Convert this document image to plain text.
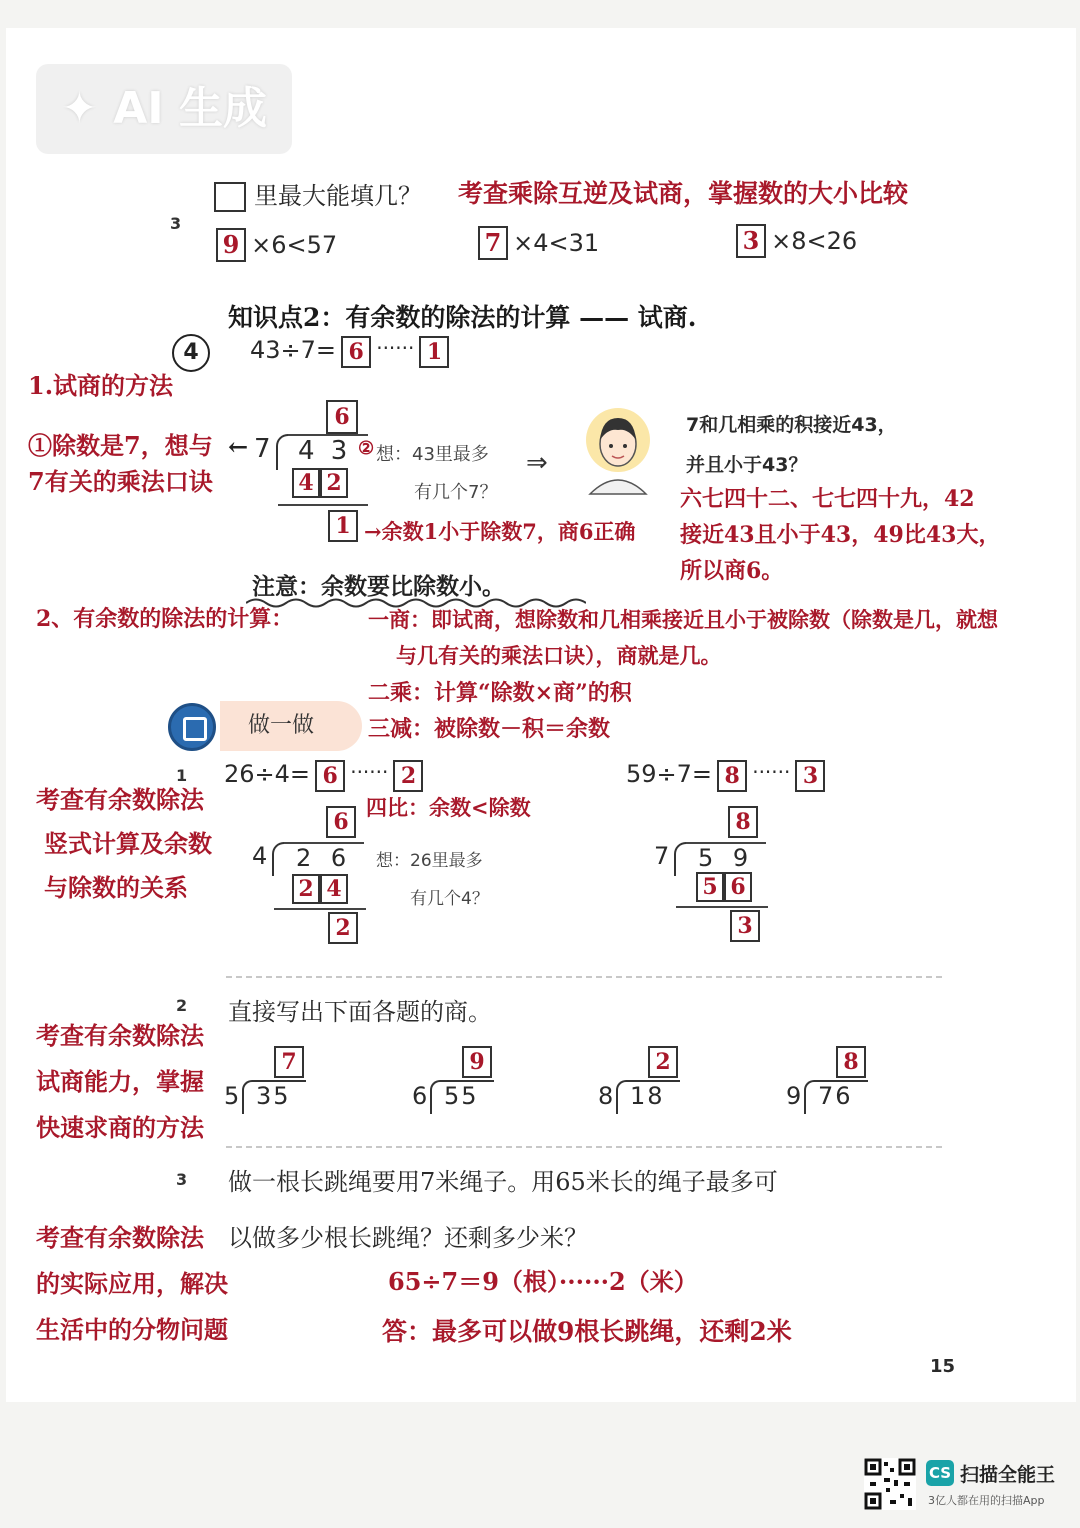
✦ AI 生成
3
里最大能填几？ 考查乘除互逆及试商，掌握数的大小比较
9 ×6<57	7 ×4<31	3 ×8<26
知识点2：有余数的除法的计算 —— 试商.
4	43÷7= 6 ······ 1
1.试商的方法
①除数是7，想与7有关的乘法口诀
←
6
7 4 3
4 2
1
② 想：43里最多
有几个7？
⇒
7和几相乘的积接近43，
并且小于43？
六七四十二、七七四十九，42
接近43且小于43，49比43大，
所以商6。
→余数1小于除数7，商6正确
注意：余数要比除数小。
2、有余数的除法的计算：	一商：即试商，想除数和几相乘接近且小于被除数（除数是几，就想
与几有关的乘法口诀），商就是几。
二乘：计算“除数×商”的积
三减：被除数－积＝余数
做一做
1
考查有余数除法
竖式计算及余数
与除数的关系
26÷4= 6 ······ 2
四比：余数<除数
6
4 2 6
2 4
2
想：26里最多
有几个4？
59÷7= 8 ······ 3
8
7 5 9
5 6
3
2 直接写出下面各题的商。
考查有余数除法
试商能力，掌握
快速求商的方法
7
5 35
9
6 55
2
8 18
8
9 76
3 做一根长跳绳要用7米绳子。用65米长的绳子最多可
以做多少根长跳绳？还剩多少米？
考查有余数除法
的实际应用，解决
生活中的分物问题
65÷7＝9（根）······2（米）
答：最多可以做9根长跳绳，还剩2米
15
CS 扫描全能王
3亿人都在用的扫描App
